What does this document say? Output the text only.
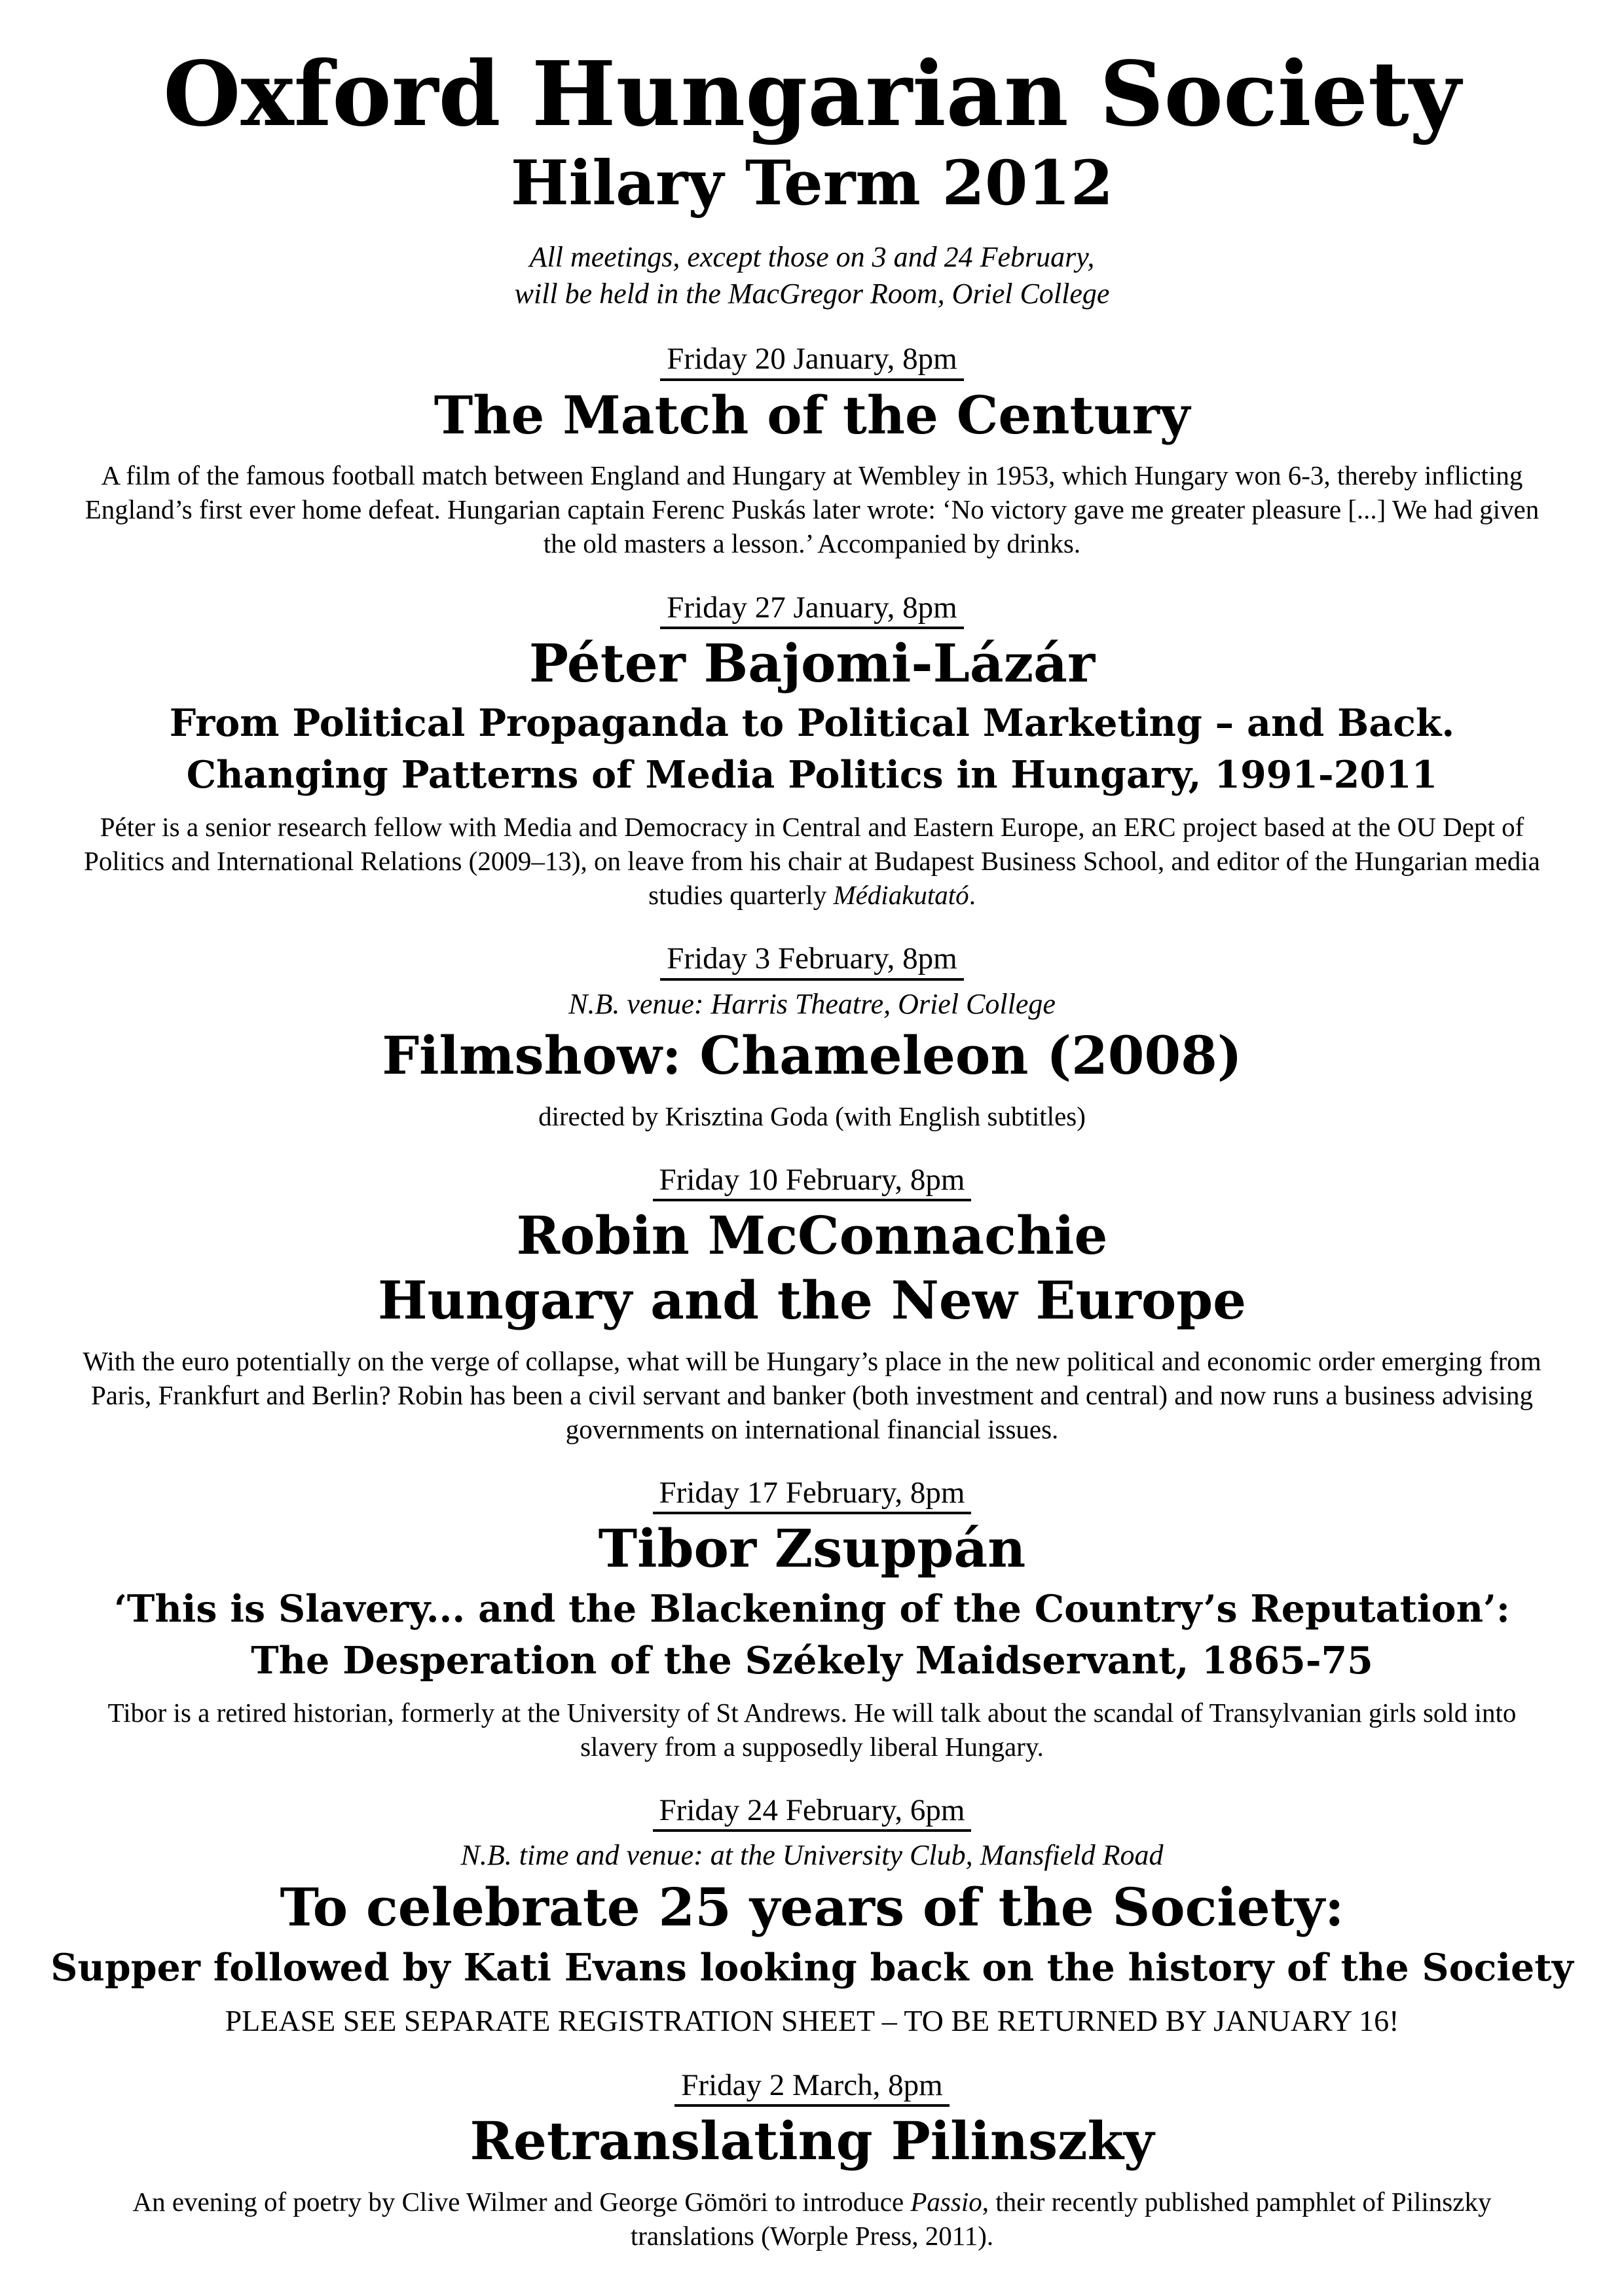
Oxford Hungarian Society
Hilary Term 2012
All meetings, except those on 3 and 24 February,
will be held in the MacGregor Room, Oriel College
Friday 20 January, 8pm
The Match of the Century

A film of the famous football match between England and Hungary at Wembley in 1953, which Hungary won 6-3, thereby inflicting England’s first ever home defeat. Hungarian captain Ferenc Puskás later wrote: ‘No victory gave me greater pleasure [...] We had given the old masters a lesson.’ Accompanied by drinks.

Friday 27 January, 8pm
Péter Bajomi-Lázár
From Political Propaganda to Political Marketing – and Back.
Changing Patterns of Media Politics in Hungary, 1991-2011

Péter is a senior research fellow with Media and Democracy in Central and Eastern Europe, an ERC project based at the OU Dept of Politics and International Relations (2009–13), on leave from his chair at Budapest Business School, and editor of the Hungarian media studies quarterly Médiakutató.

Friday 3 February, 8pm
N.B. venue: Harris Theatre, Oriel College
Filmshow: Chameleon (2008)

directed by Krisztina Goda (with English subtitles)

Friday 10 February, 8pm
Robin McConnachie
Hungary and the New Europe

With the euro potentially on the verge of collapse, what will be Hungary’s place in the new political and economic order emerging from Paris, Frankfurt and Berlin? Robin has been a civil servant and banker (both investment and central) and now runs a business advising governments on international financial issues.

Friday 17 February, 8pm
Tibor Zsuppán
‘This is Slavery... and the Blackening of the Country’s Reputation’:
The Desperation of the Székely Maidservant, 1865-75

Tibor is a retired historian, formerly at the University of St Andrews. He will talk about the scandal of Transylvanian girls sold into slavery from a supposedly liberal Hungary.

Friday 24 February, 6pm
N.B. time and venue: at the University Club, Mansfield Road
To celebrate 25 years of the Society:
Supper followed by Kati Evans looking back on the history of the Society

PLEASE SEE SEPARATE REGISTRATION SHEET – TO BE RETURNED BY JANUARY 16!

Friday 2 March, 8pm
Retranslating Pilinszky

An evening of poetry by Clive Wilmer and George Gömöri to introduce Passio, their recently published pamphlet of Pilinszky translations (Worple Press, 2011).
